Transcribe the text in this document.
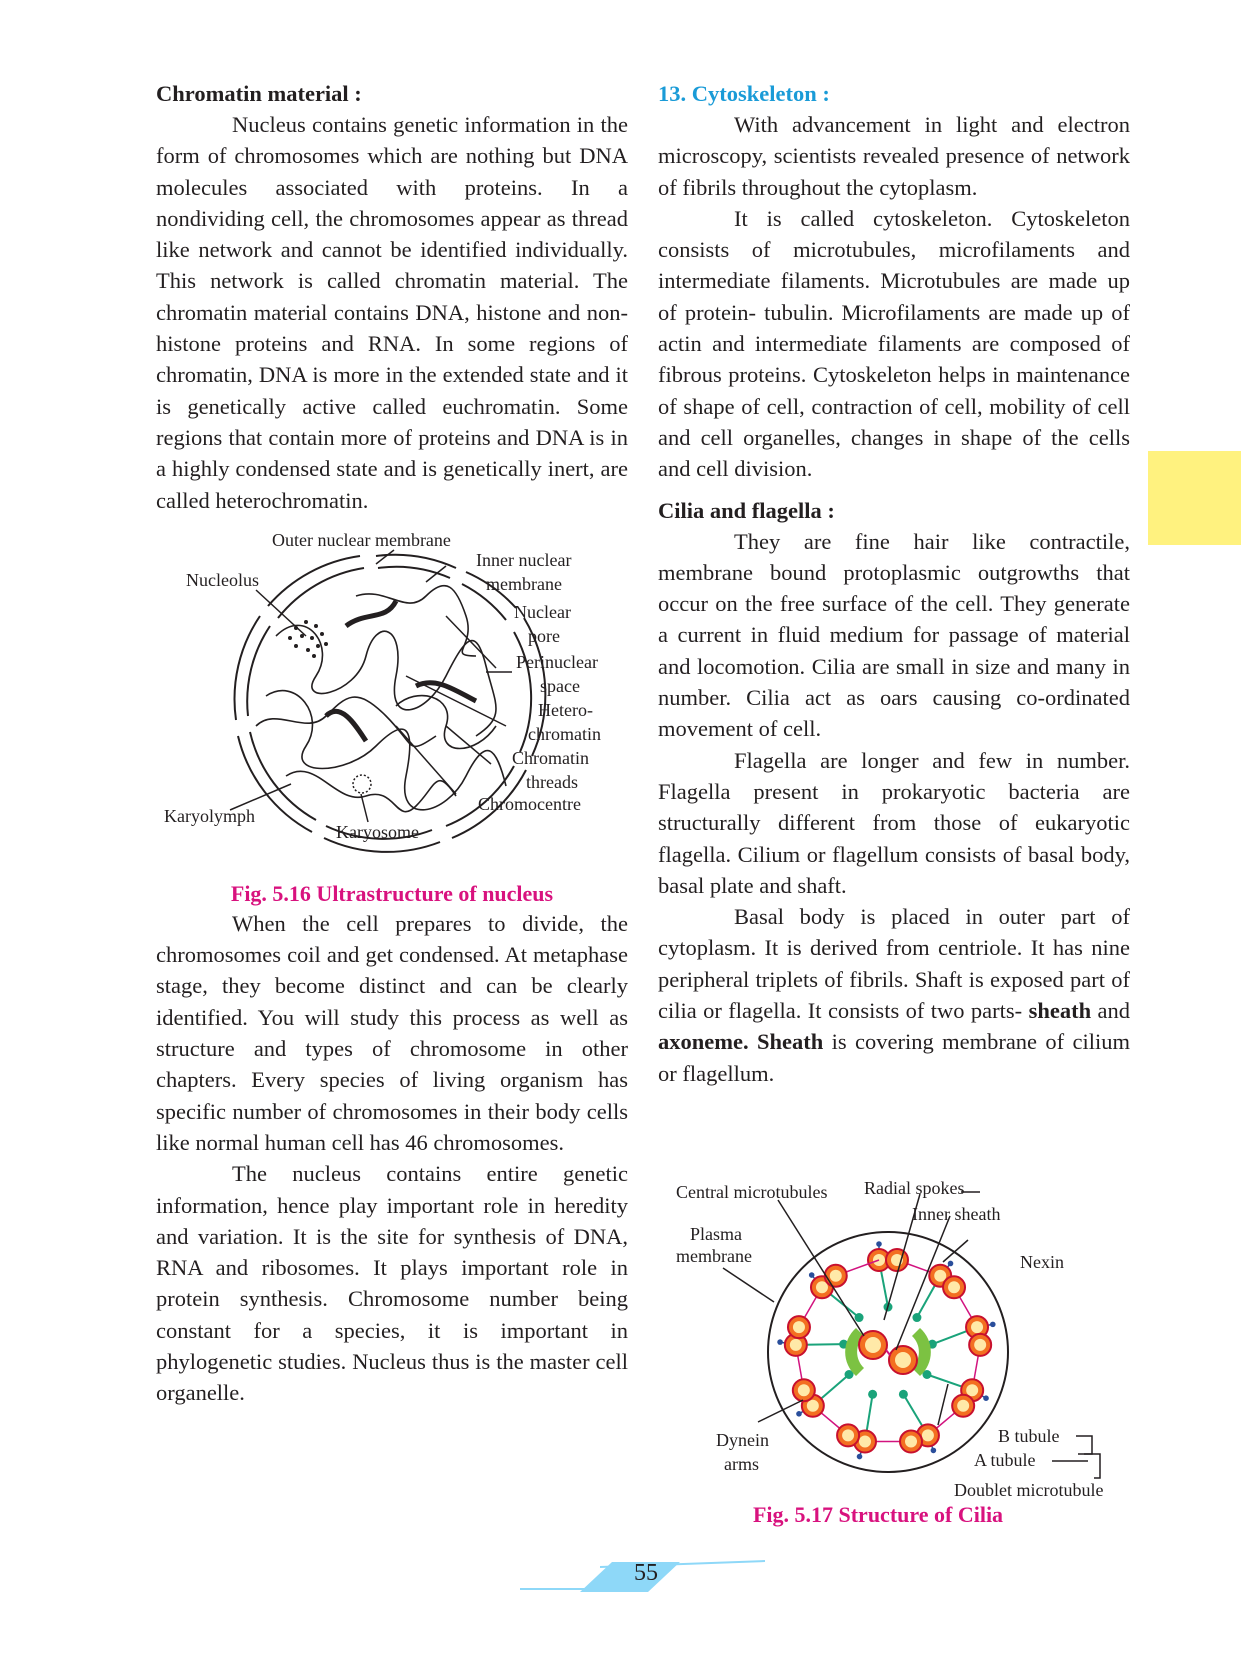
Chromatin material :

Nucleus contains genetic information in the form of chromosomes which are nothing but DNA molecules associated with proteins. In a nondividing cell, the chromosomes appear as thread like network and cannot be identified individually. This network is called chromatin material. The chromatin material contains DNA, histone and non-histone proteins and RNA. In some regions of chromatin, DNA is more in the extended state and it is genetically active called euchromatin. Some regions that contain more of proteins and DNA is in a highly condensed state and is genetically inert, are called heterochromatin.

Outer nuclear membrane
Inner nuclear
membrane
Nucleolus
Nuclear
pore
Perinuclear
space
Hetero-
chromatin
Chromatin
threads
Chromocentre
Karyolymph
Karyosome

Fig. 5.16 Ultrastructure of nucleus

When the cell prepares to divide, the chromosomes coil and get condensed. At metaphase stage, they become distinct and can be clearly identified. You will study this process as well as structure and types of chromosome in other chapters. Every species of living organism has specific number of chromosomes in their body cells like normal human cell has 46 chromosomes.

The nucleus contains entire genetic information, hence play important role in heredity and variation. It is the site for synthesis of DNA, RNA and ribosomes. It plays important role in protein synthesis. Chromosome number being constant for a species, it is important in phylogenetic studies. Nucleus thus is the master cell organelle.

13. Cytoskeleton :

With advancement in light and electron microscopy, scientists revealed presence of network of fibrils throughout the cytoplasm.

It is called cytoskeleton. Cytoskeleton consists of microtubules, microfilaments and intermediate filaments. Microtubules are made up of protein- tubulin. Microfilaments are made up of actin and intermediate filaments are composed of fibrous proteins. Cytoskeleton helps in maintenance of shape of cell, contraction of cell, mobility of cell and cell organelles, changes in shape of the cells and cell division.

Cilia and flagella :

They are fine hair like contractile, membrane bound protoplasmic outgrowths that occur on the free surface of the cell. They generate a current in fluid medium for passage of material and locomotion. Cilia are small in size and many in number. Cilia act as oars causing co-ordinated movement of cell.

Flagella are longer and few in number. Flagella present in prokaryotic bacteria are structurally different from those of eukaryotic flagella. Cilium or flagellum consists of basal body, basal plate and shaft.

Basal body is placed in outer part of cytoplasm. It is derived from centriole. It has nine peripheral triplets of fibrils. Shaft is exposed part of cilia or flagella. It consists of two parts- sheath and axoneme. Sheath is covering membrane of cilium or flagellum.

Central microtubules Radial spokes
Inner sheath
Plasma
membrane	Nexin
Dynein
arms
B tubule
A tubule
Doublet microtubule

Fig. 5.17 Structure of Cilia

55
